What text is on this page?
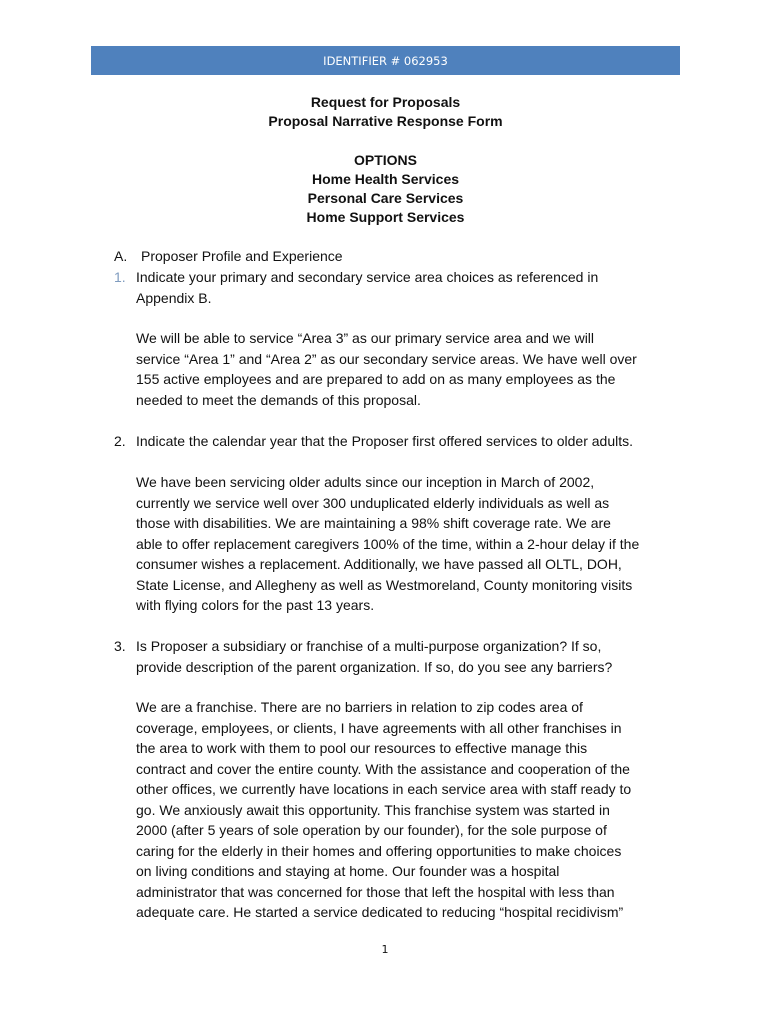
IDENTIFIER # 062953
Request for Proposals
Proposal Narrative Response Form
OPTIONS
Home Health Services
Personal Care Services
Home Support Services
A. Proposer Profile and Experience
1. Indicate your primary and secondary service area choices as referenced in
Appendix B.
We will be able to service “Area 3” as our primary service area and we will
service “Area 1” and “Area 2” as our secondary service areas. We have well over
155 active employees and are prepared to add on as many employees as the
needed to meet the demands of this proposal.
2. Indicate the calendar year that the Proposer first offered services to older adults.
We have been servicing older adults since our inception in March of 2002,
currently we service well over 300 unduplicated elderly individuals as well as
those with disabilities. We are maintaining a 98% shift coverage rate. We are
able to offer replacement caregivers 100% of the time, within a 2-hour delay if the
consumer wishes a replacement. Additionally, we have passed all OLTL, DOH,
State License, and Allegheny as well as Westmoreland, County monitoring visits
with flying colors for the past 13 years.
3. Is Proposer a subsidiary or franchise of a multi-purpose organization? If so,
provide description of the parent organization. If so, do you see any barriers?
We are a franchise. There are no barriers in relation to zip codes area of
coverage, employees, or clients, I have agreements with all other franchises in
the area to work with them to pool our resources to effective manage this
contract and cover the entire county. With the assistance and cooperation of the
other offices, we currently have locations in each service area with staff ready to
go. We anxiously await this opportunity. This franchise system was started in
2000 (after 5 years of sole operation by our founder), for the sole purpose of
caring for the elderly in their homes and offering opportunities to make choices
on living conditions and staying at home. Our founder was a hospital
administrator that was concerned for those that left the hospital with less than
adequate care. He started a service dedicated to reducing “hospital recidivism”
1
